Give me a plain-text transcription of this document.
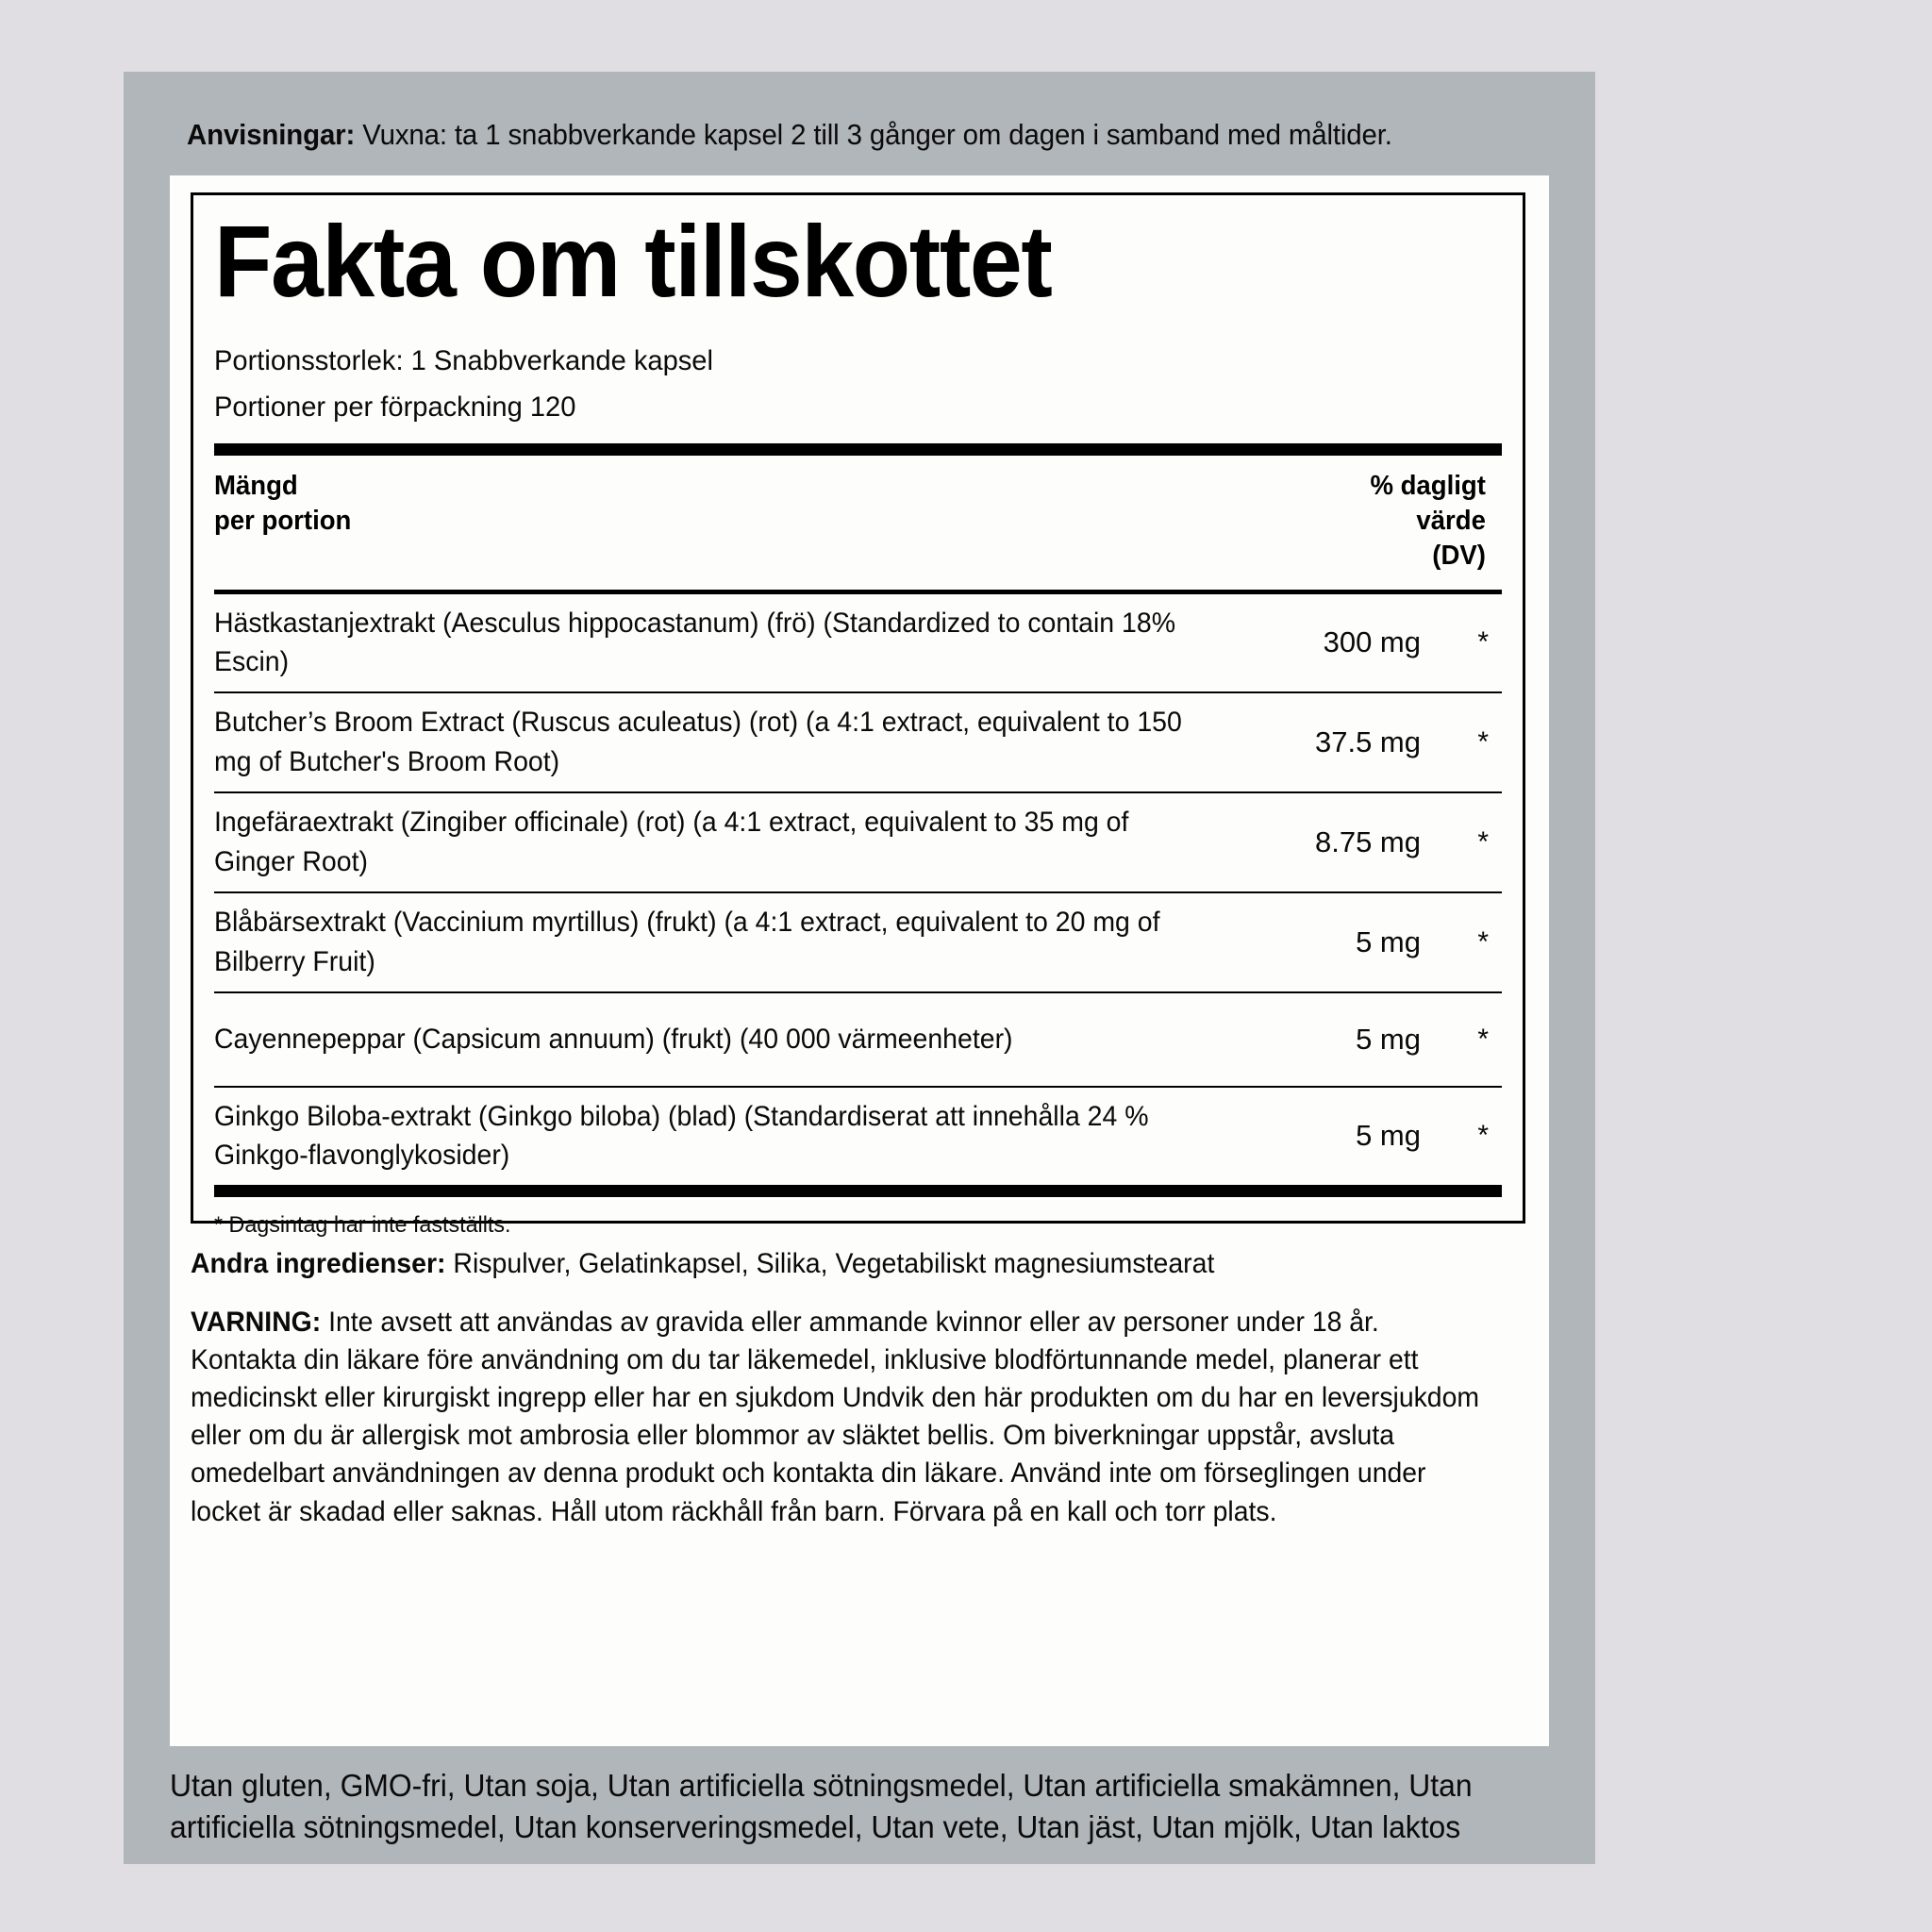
Anvisningar: Vuxna: ta 1 snabbverkande kapsel 2 till 3 gånger om dagen i samband med måltider.
Fakta om tillskottet
Portionsstorlek: 1 Snabbverkande kapsel
Portioner per förpackning 120
Mängd
per portion
% dagligt
värde
(DV)
Hästkastanjextrakt (Aesculus hippocastanum) (frö) (Standardized to contain 18% Escin)
300 mg	*
Butcher’s Broom Extract (Ruscus aculeatus) (rot) (a 4:1 extract, equivalent to 150 mg of Butcher's Broom Root)
37.5 mg	*
Ingefäraextrakt (Zingiber officinale) (rot) (a 4:1 extract, equivalent to 35 mg of Ginger Root)
8.75 mg	*
Blåbärsextrakt (Vaccinium myrtillus) (frukt) (a 4:1 extract, equivalent to 20 mg of Bilberry Fruit)
5 mg	*
Cayennepeppar (Capsicum annuum) (frukt) (40 000 värmeenheter)	5 mg	*
Ginkgo Biloba-extrakt (Ginkgo biloba) (blad) (Standardiserat att innehålla 24 % Ginkgo-flavonglykosider)
5 mg	*
* Dagsintag har inte fastställts.
Andra ingredienser: Rispulver, Gelatinkapsel, Silika, Vegetabiliskt magnesiumstearat
VARNING: Inte avsett att användas av gravida eller ammande kvinnor eller av personer under 18 år. Kontakta din läkare före användning om du tar läkemedel, inklusive blodförtunnande medel, planerar ett medicinskt eller kirurgiskt ingrepp eller har en sjukdom Undvik den här produkten om du har en leversjukdom eller om du är allergisk mot ambrosia eller blommor av släktet bellis. Om biverkningar uppstår, avsluta omedelbart användningen av denna produkt och kontakta din läkare. Använd inte om förseglingen under locket är skadad eller saknas. Håll utom räckhåll från barn. Förvara på en kall och torr plats.
Utan gluten, GMO-fri, Utan soja, Utan artificiella sötningsmedel, Utan artificiella smakämnen, Utan artificiella sötningsmedel, Utan konserveringsmedel, Utan vete, Utan jäst, Utan mjölk, Utan laktos
